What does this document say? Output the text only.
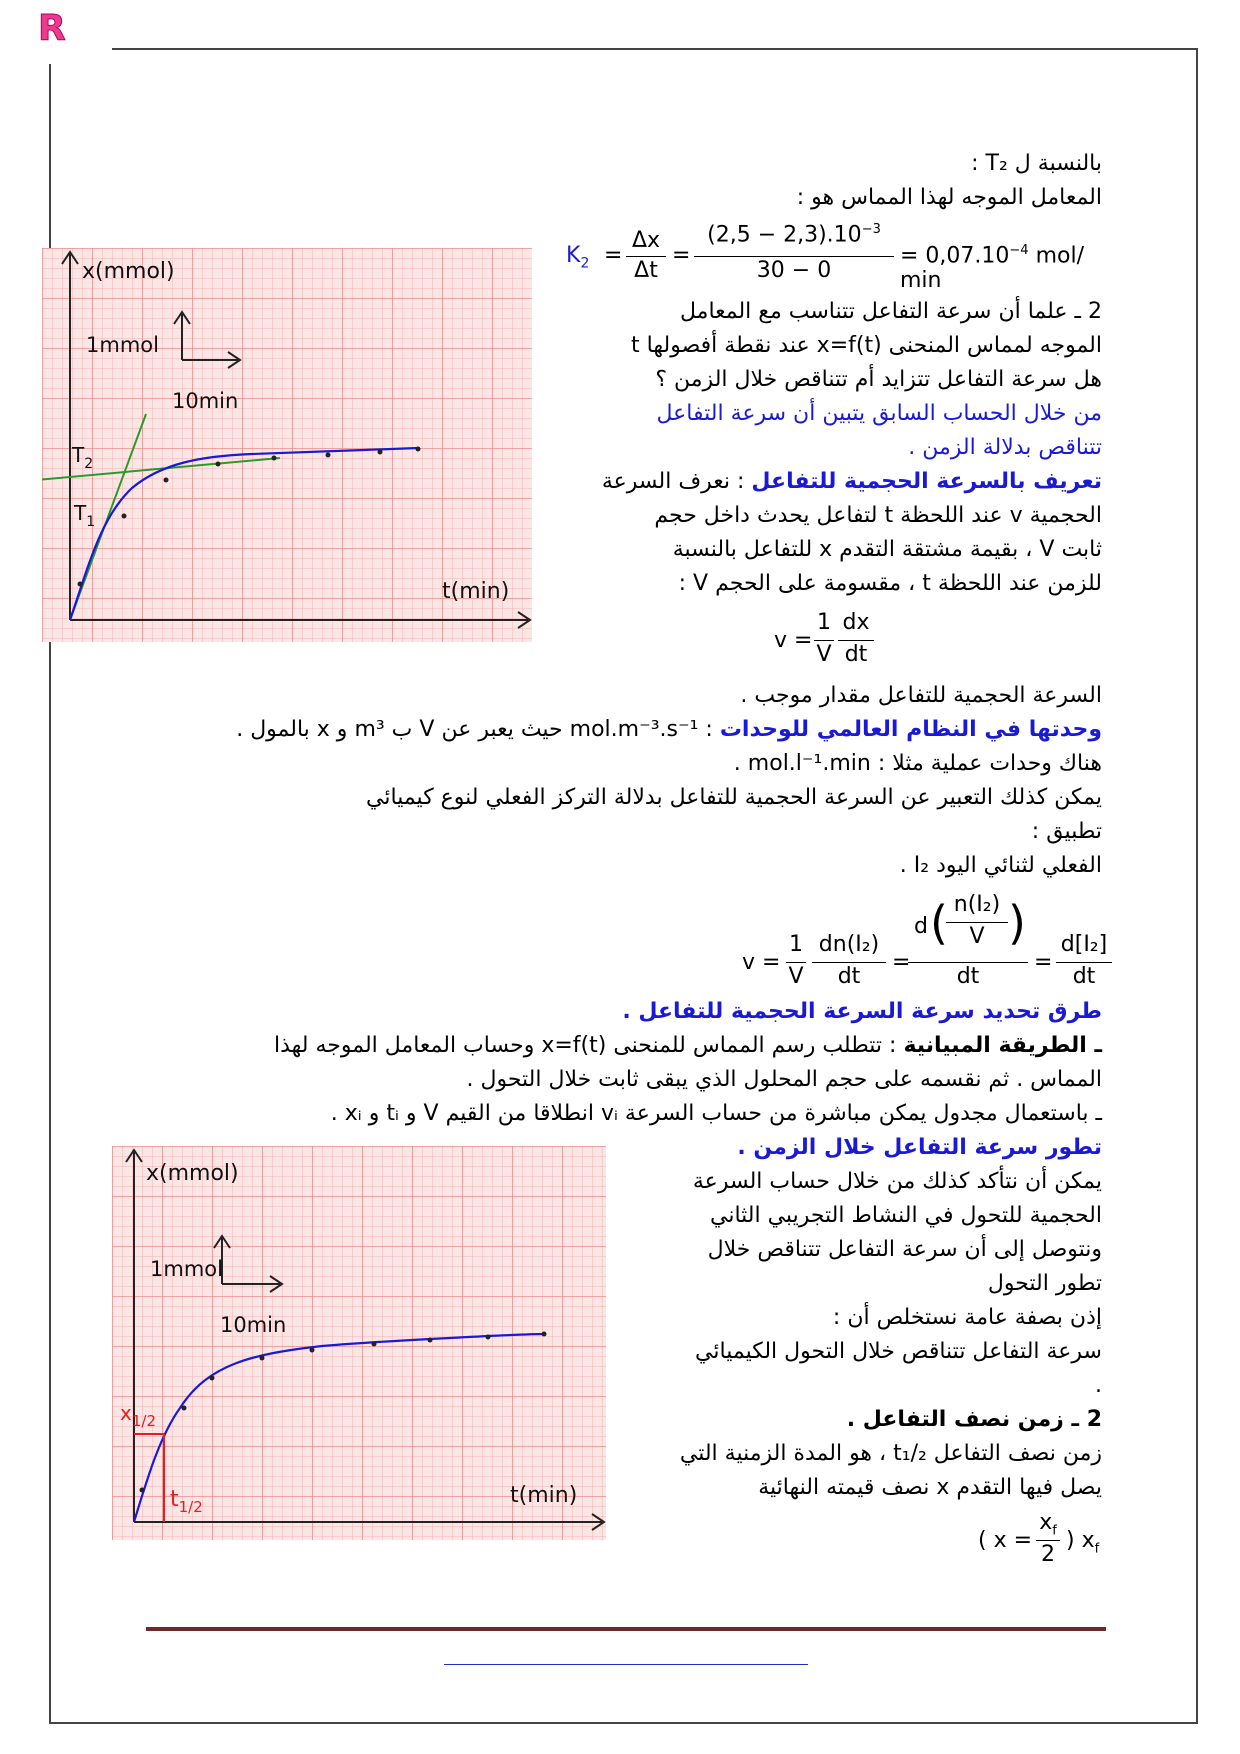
R
بالنسبة ل T₂ :
المعامل الموجه لهذا المماس هو :
$K_2$ =
Δx
Δt
=
$(2,5 - 2,3).10^{-3}$
30 − 0
= $0,07.10^{-4}$ mol/ min
2 ـ علما أن سرعة التفاعل تتناسب مع المعامل
الموجه لمماس المنحنى x=f(t) عند نقطة أفصولها t
هل سرعة التفاعل تتزايد أم تتناقص خلال الزمن ؟
من خلال الحساب السابق يتبين أن سرعة التفاعل
تتناقص بدلالة الزمن .
تعريف بالسرعة الحجمية للتفاعل : نعرف السرعة
الحجمية v عند اللحظة t لتفاعل يحدث داخل حجم
ثابت V ، بقيمة مشتقة التقدم x للتفاعل بالنسبة
للزمن عند اللحظة t ، مقسومة على الحجم V :
v =
1
V
dx
dt
السرعة الحجمية للتفاعل مقدار موجب .
وحدتها في النظام العالمي للوحدات : mol.m⁻³.s⁻¹ حيث يعبر عن V ب m³ و x بالمول .
هناك وحدات عملية مثلا : mol.l⁻¹.min .
يمكن كذلك التعبير عن السرعة الحجمية للتفاعل بدلالة التركز الفعلي لنوع كيميائي
تطبيق :
الفعلي لثنائي اليود I₂ .
v =
1
V
dn(I₂)
dt
=
d ( n(I₂)
V )
dt
=
d[I₂]
dt
طرق تحديد سرعة السرعة الحجمية للتفاعل .
ـ الطريقة المبيانية : تتطلب رسم المماس للمنحنى x=f(t) وحساب المعامل الموجه لهذا
المماس . ثم نقسمه على حجم المحلول الذي يبقى ثابت خلال التحول .
ـ باستعمال مجدول يمكن مباشرة من حساب السرعة vᵢ انطلاقا من القيم V و tᵢ و xᵢ .
تطور سرعة التفاعل خلال الزمن .
يمكن أن نتأكد كذلك من خلال حساب السرعة
الحجمية للتحول في النشاط التجريبي الثاني
ونتوصل إلى أن سرعة التفاعل تتناقص خلال
تطور التحول
إذن بصفة عامة نستخلص أن :
سرعة التفاعل تتناقص خلال التحول الكيميائي
.
2 ـ زمن نصف التفاعل .
زمن نصف التفاعل t₁/₂ ، هو المدة الزمنية التي
يصل فيها التقدم x نصف قيمته النهائية
( x =
$x_f$
2
) $x_f$
x(mmol)
t(min)
1mmol
10min
$T_2$
$T_1$
x(mmol)
t(min)
1mmol
10min
$x_{1/2}$
$t_{1/2}$
